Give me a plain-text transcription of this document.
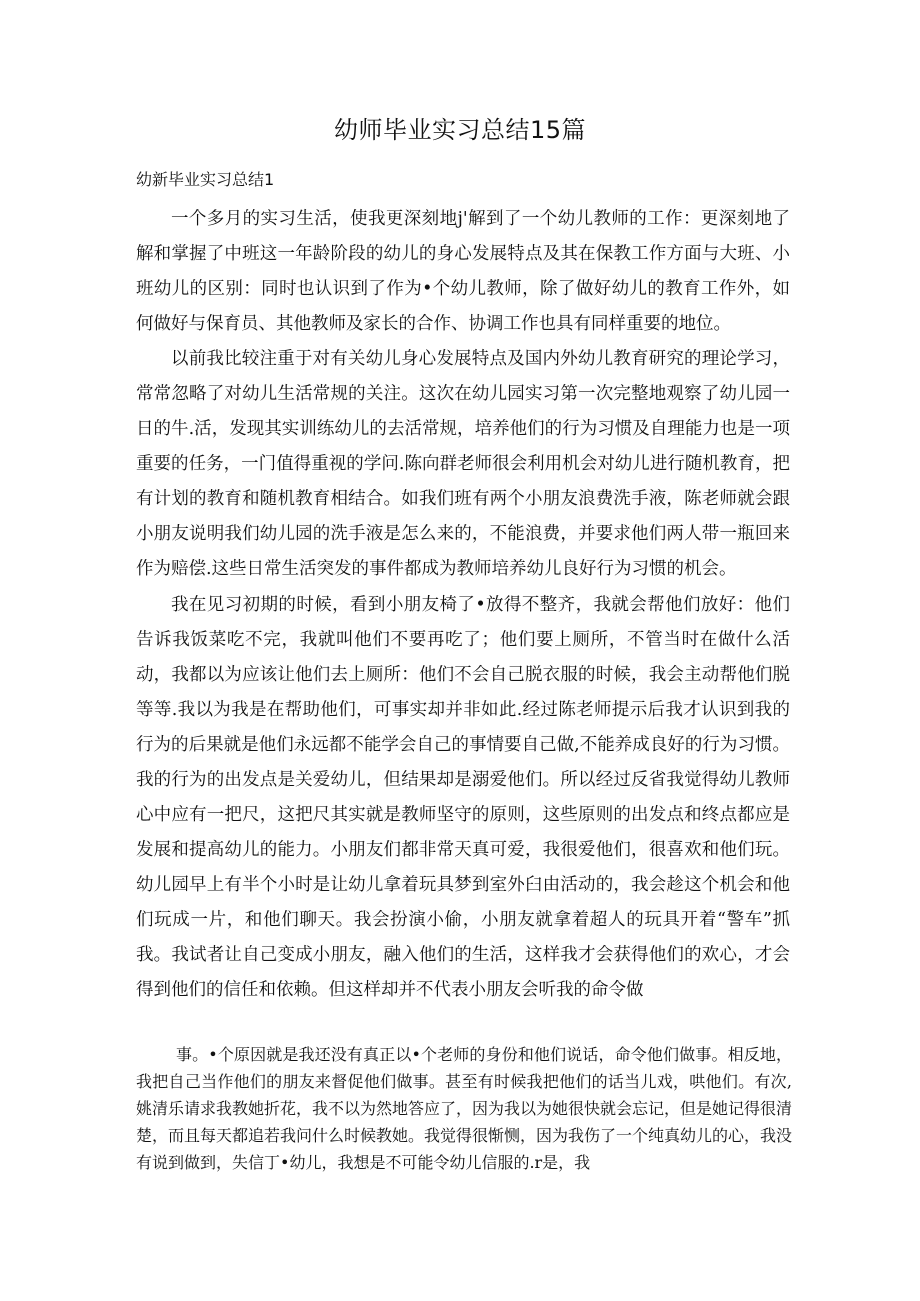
幼师毕业实习总结15篇
幼新毕业实习总结1

一个多月的实习生活，使我更深刻地j'解到了一个幼儿教师的工作：更深刻地了解和掌握了中班这一年龄阶段的幼儿的身心发展特点及其在保教工作方面与大班、小班幼儿的区别：同时也认识到了作为•个幼儿教师，除了做好幼儿的教育工作外，如何做好与保育员、其他教师及家长的合作、协调工作也具有同样重要的地位。

以前我比较注重于对有关幼儿身心发展特点及国内外幼儿教育研究的理论学习，常常忽略了对幼儿生活常规的关注。这次在幼儿园实习第一次完整地观察了幼儿园一日的牛.活，发现其实训练幼儿的去活常规，培养他们的行为习惯及自理能力也是一项重要的任务，一门值得重视的学问.陈向群老师很会利用机会对幼儿进行随机教育，把有计划的教育和随机教育相结合。如我们班有两个小朋友浪费洗手液，陈老师就会跟小朋友说明我们幼儿园的洗手液是怎么来的，不能浪费，并要求他们两人带一瓶回来作为赔偿.这些日常生活突发的事件都成为教师培养幼儿良好行为习惯的机会。

我在见习初期的时候，看到小朋友椅了•放得不整齐，我就会帮他们放好：他们告诉我饭菜吃不完，我就叫他们不要再吃了；他们要上厕所，不管当时在做什么活动，我都以为应该让他们去上厕所：他们不会自己脱衣服的时候，我会主动帮他们脱等等.我以为我是在帮助他们，可事实却并非如此.经过陈老师提示后我才认识到我的行为的后果就是他们永远都不能学会自己的事情要自己做,不能养成良好的行为习惯。我的行为的出发点是关爱幼儿，但结果却是溺爱他们。所以经过反省我觉得幼儿教师心中应有一把尺，这把尺其实就是教师坚守的原则，这些原则的出发点和终点都应是发展和提高幼儿的能力。小朋友们都非常天真可爱，我很爱他们，很喜欢和他们玩。幼儿园早上有半个小时是让幼儿拿着玩具梦到室外臼由活动的，我会趁这个机会和他们玩成一片，和他们聊天。我会扮演小偷，小朋友就拿着超人的玩具开着“警车”抓我。我试者让自己变成小朋友，融入他们的生活，这样我才会获得他们的欢心，才会得到他们的信任和依赖。但这样却并不代表小朋友会听我的命令做

事。•个原因就是我还没有真正以•个老师的身份和他们说话，命令他们做事。相反地，我把自己当作他们的朋友来督促他们做事。甚至有时候我把他们的话当儿戏，哄他们。有次,姚清乐请求我教她折花，我不以为然地答应了，因为我以为她很快就会忘记，但是她记得很清楚，而且每天都追若我问什么时候教她。我觉得很惭恻，因为我伤了一个纯真幼儿的心，我没有说到做到，失信丁•幼儿，我想是不可能令幼儿信服的.r是，我
